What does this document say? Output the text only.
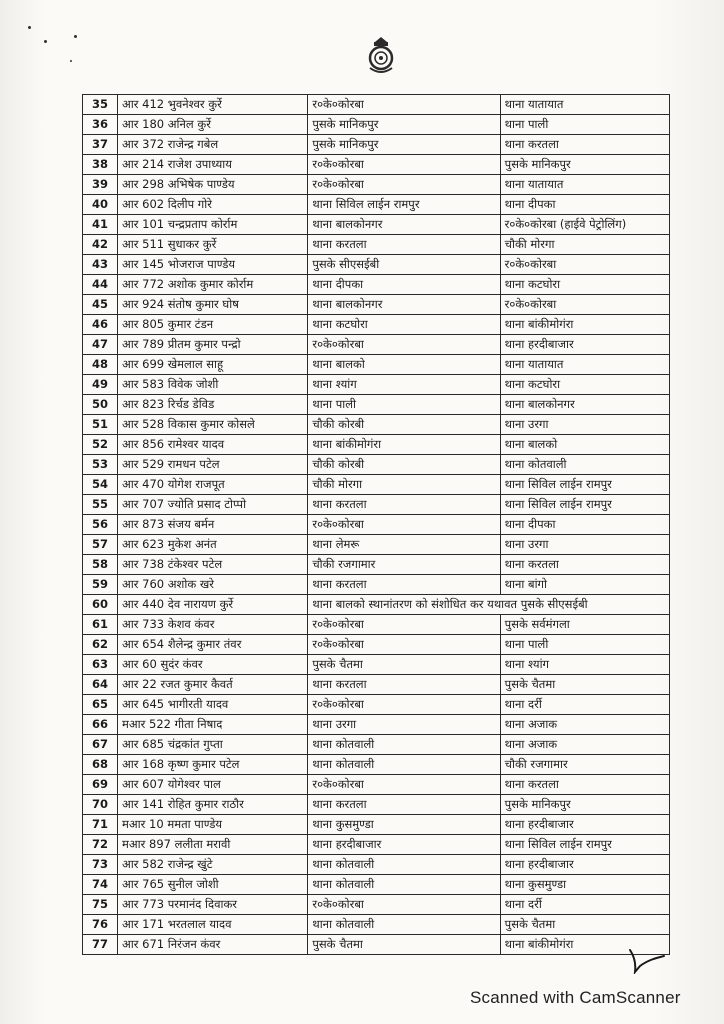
35	आर 412 भुवनेश्वर कुर्रे	र०के०कोरबा	थाना यातायात
36	आर 180 अनिल कुर्रे	पुसके मानिकपुर	थाना पाली
37	आर 372 राजेन्द्र गबेल	पुसके मानिकपुर	थाना करतला
38	आर 214 राजेश उपाध्याय	र०के०कोरबा	पुसके मानिकपुर
39	आर 298 अभिषेक पाण्डेय	र०के०कोरबा	थाना यातायात
40	आर 602 दिलीप गोरे	थाना सिविल लाईन रामपुर	थाना दीपका
41	आर 101 चन्द्रप्रताप कोर्राम	थाना बालकोनगर	र०के०कोरबा (हाईवे पेट्रोलिंग)
42	आर 511 सुधाकर कुर्रे	थाना करतला	चौकी मोरगा
43	आर 145 भोजराज पाण्डेय	पुसके सीएसईबी	र०के०कोरबा
44	आर 772 अशोक कुमार कोर्राम	थाना दीपका	थाना कटघोरा
45	आर 924 संतोष कुमार घोष	थाना बालकोनगर	र०के०कोरबा
46	आर 805 कुमार टंडन	थाना कटघोरा	थाना बांकीमोगंरा
47	आर 789 प्रीतम कुमार पन्द्रो	र०के०कोरबा	थाना हरदीबाजार
48	आर 699 खेमलाल साहू	थाना बालको	थाना यातायात
49	आर 583 विवेक जोशी	थाना श्यांग	थाना कटघोरा
50	आर 823 रिर्चड डेविड	थाना पाली	थाना बालकोनगर
51	आर 528 विकास कुमार कोसले	चौकी कोरबी	थाना उरगा
52	आर 856 रामेश्वर यादव	थाना बांकीमोगंरा	थाना बालको
53	आर 529 रामधन पटेल	चौकी कोरबी	थाना कोतवाली
54	आर 470 योगेश राजपूत	चौकी मोरगा	थाना सिविल लाईन रामपुर
55	आर 707 ज्योति प्रसाद टोप्पो	थाना करतला	थाना सिविल लाईन रामपुर
56	आर 873 संजय बर्मन	र०के०कोरबा	थाना दीपका
57	आर 623 मुकेश अनंत	थाना लेमरू	थाना उरगा
58	आर 738 टंकेश्वर पटेल	चौकी रजगामार	थाना करतला
59	आर 760 अशोक खरे	थाना करतला	थाना बांगो
60	आर 440 देव नारायण कुर्रे	थाना बालको स्थानांतरण को संशोधित कर यथावत पुसके सीएसईबी	
61	आर 733 केशव कंवर	र०के०कोरबा	पुसके सर्वमंगला
62	आर 654 शैलेन्द्र कुमार तंवर	र०के०कोरबा	थाना पाली
63	आर 60 सुदंर कंवर	पुसके चैतमा	थाना श्यांग
64	आर 22 रजत कुमार कैवर्त	थाना करतला	पुसके चैतमा
65	आर 645 भागीरती यादव	र०के०कोरबा	थाना दर्री
66	मआर 522 गीता निषाद	थाना उरगा	थाना अजाक
67	आर 685 चंद्रकांत गुप्ता	थाना कोतवाली	थाना अजाक
68	आर 168 कृष्ण कुमार पटेल	थाना कोतवाली	चौकी रजगामार
69	आर 607 योगेश्वर पाल	र०के०कोरबा	थाना करतला
70	आर 141 रोहित कुमार राठौर	थाना करतला	पुसके मानिकपुर
71	मआर 10 ममता पाण्डेय	थाना कुसमुण्डा	थाना हरदीबाजार
72	मआर 897 ललीता मरावी	थाना हरदीबाजार	थाना सिविल लाईन रामपुर
73	आर 582 राजेन्द्र खुंटे	थाना कोतवाली	थाना हरदीबाजार
74	आर 765 सुनील जोशी	थाना कोतवाली	थाना कुसमुण्डा
75	आर 773 परमानंद दिवाकर	र०के०कोरबा	थाना दर्री
76	आर 171 भरतलाल यादव	थाना कोतवाली	पुसके चैतमा
77	आर 671 निरंजन कंवर	पुसके चैतमा	थाना बांकीमोगंरा
Scanned with CamScanner
